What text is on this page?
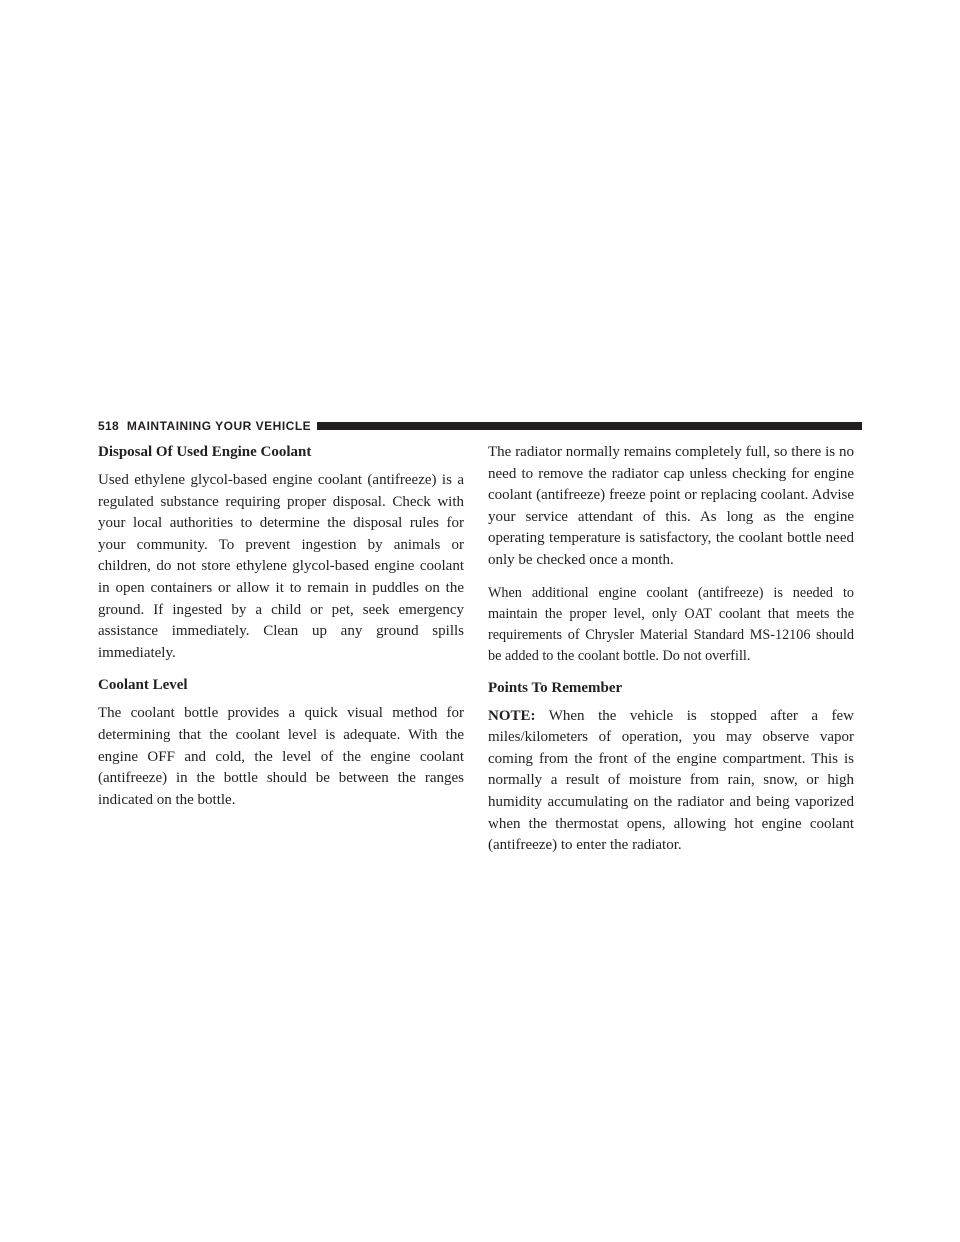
518 MAINTAINING YOUR VEHICLE
Disposal Of Used Engine Coolant

Used ethylene glycol-based engine coolant (antifreeze) is a regulated substance requiring proper disposal. Check with your local authorities to determine the disposal rules for your community. To prevent ingestion by animals or children, do not store ethylene glycol-based engine coolant in open containers or allow it to remain in puddles on the ground. If ingested by a child or pet, seek emergency assistance immediately. Clean up any ground spills immediately.

Coolant Level

The coolant bottle provides a quick visual method for determining that the coolant level is adequate. With the engine OFF and cold, the level of the engine coolant (antifreeze) in the bottle should be between the ranges indicated on the bottle.

The radiator normally remains completely full, so there is no need to remove the radiator cap unless checking for engine coolant (antifreeze) freeze point or replacing coolant. Advise your service attendant of this. As long as the engine operating temperature is satisfactory, the coolant bottle need only be checked once a month.

When additional engine coolant (antifreeze) is needed to maintain the proper level, only OAT coolant that meets the requirements of Chrysler Material Standard MS-12106 should be added to the coolant bottle. Do not overfill.

Points To Remember

NOTE: When the vehicle is stopped after a few miles/kilometers of operation, you may observe vapor coming from the front of the engine compartment. This is normally a result of moisture from rain, snow, or high humidity accumulating on the radiator and being vaporized when the thermostat opens, allowing hot engine coolant (antifreeze) to enter the radiator.
